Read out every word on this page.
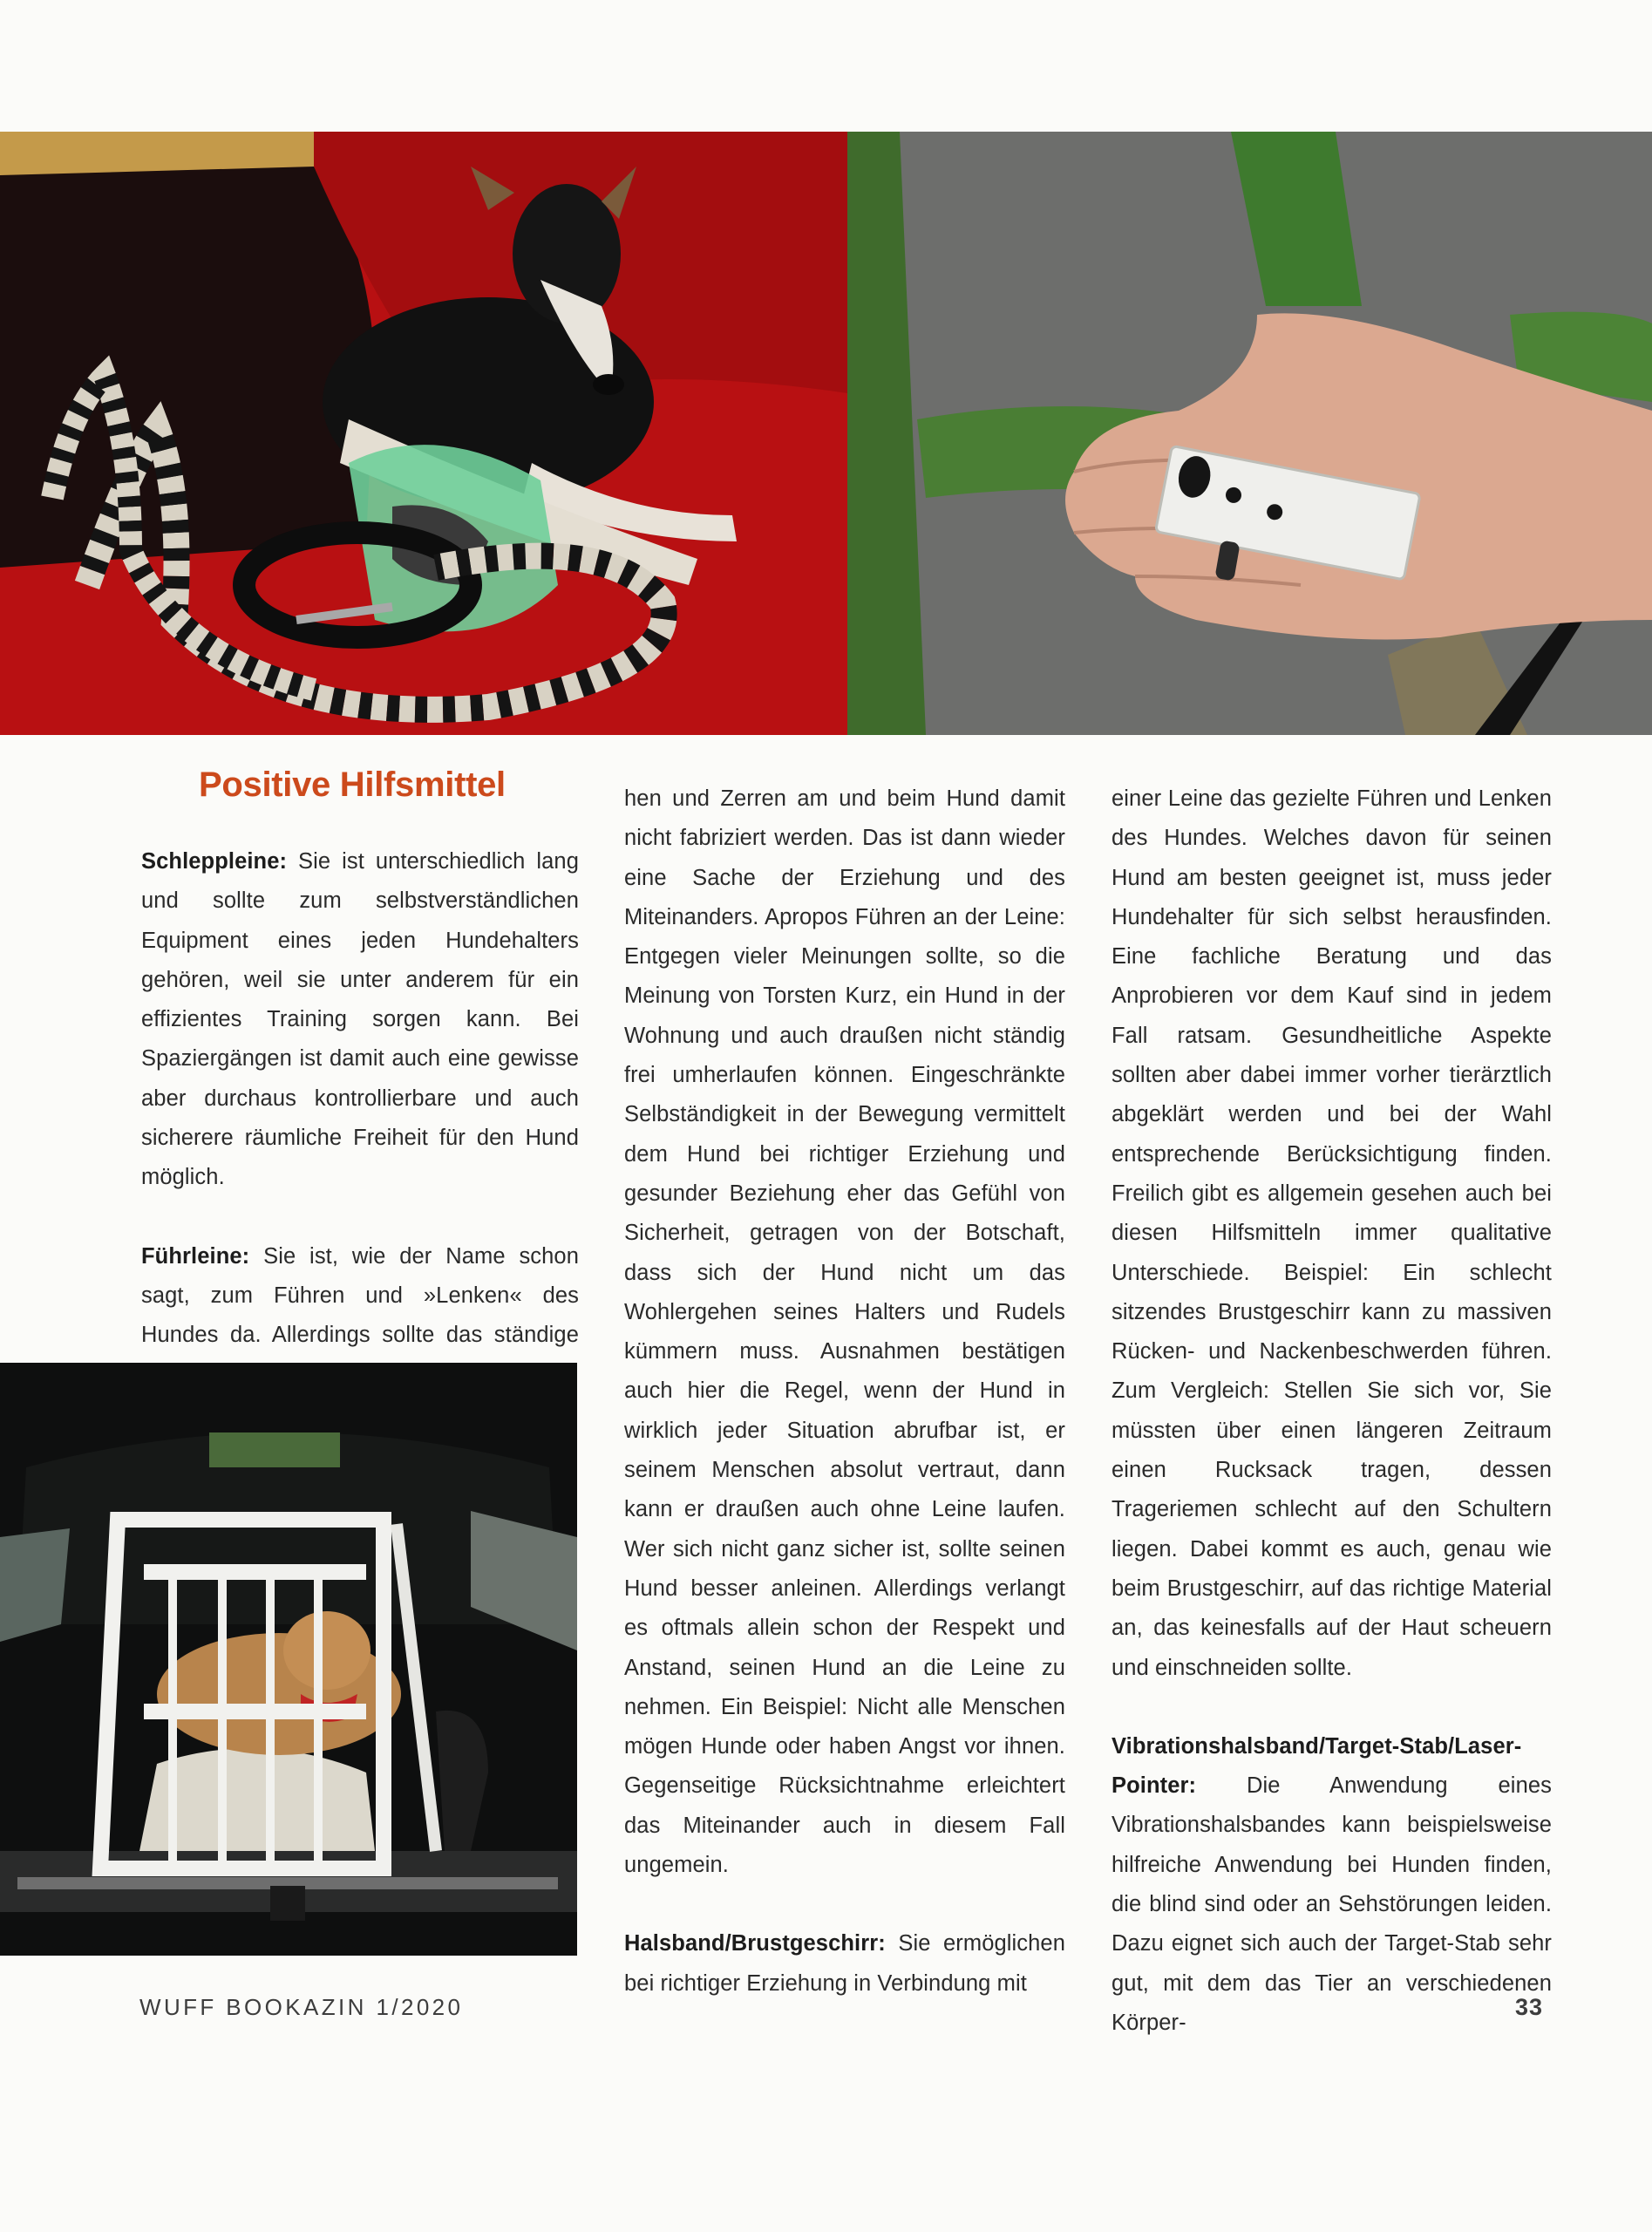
Positive Hilfsmittel

Schleppleine: Sie ist unterschiedlich lang und sollte zum selbstverständlichen Equipment eines jeden Hundehalters gehören, weil sie unter anderem für ein effizientes Training sorgen kann. Bei Spaziergängen ist damit auch eine gewisse aber durchaus kontrollierbare und auch sicherere räumliche Freiheit für den Hund möglich.

Führleine: Sie ist, wie der Name schon sagt, zum Führen und »Lenken« des Hundes da. Allerdings sollte das ständige

hen und Zerren am und beim Hund damit nicht fabriziert werden. Das ist dann wieder eine Sache der Erziehung und des Miteinanders. Apropos Führen an der Leine: Entgegen vieler Meinungen sollte, so die Meinung von Torsten Kurz, ein Hund in der Wohnung und auch draußen nicht ständig frei umherlaufen können. Eingeschränkte Selbständigkeit in der Bewegung vermittelt dem Hund bei richtiger Erziehung und gesunder Beziehung eher das Gefühl von Sicherheit, getragen von der Botschaft, dass sich der Hund nicht um das Wohlergehen seines Halters und Rudels kümmern muss. Ausnahmen bestätigen auch hier die Regel, wenn der Hund in wirklich jeder Situation abrufbar ist, er seinem Menschen absolut vertraut, dann kann er draußen auch ohne Leine laufen. Wer sich nicht ganz sicher ist, sollte seinen Hund besser anleinen. Allerdings verlangt es oftmals allein schon der Respekt und Anstand, seinen Hund an die Leine zu nehmen. Ein Beispiel: Nicht alle Menschen mögen Hunde oder haben Angst vor ihnen. Gegenseitige Rücksichtnahme erleichtert das Miteinander auch in diesem Fall ungemein.

Halsband/Brustgeschirr: Sie ermöglichen bei richtiger Erziehung in Verbindung mit

einer Leine das gezielte Führen und Lenken des Hundes. Welches davon für seinen Hund am besten geeignet ist, muss jeder Hundehalter für sich selbst herausfinden. Eine fachliche Beratung und das Anprobieren vor dem Kauf sind in jedem Fall ratsam. Gesundheitliche Aspekte sollten aber dabei immer vorher tierärztlich abgeklärt werden und bei der Wahl entsprechende Berücksichtigung finden. Freilich gibt es allgemein gesehen auch bei diesen Hilfsmitteln immer qualitative Unterschiede. Beispiel: Ein schlecht sitzendes Brustgeschirr kann zu massiven Rücken- und Nackenbeschwerden führen. Zum Vergleich: Stellen Sie sich vor, Sie müssten über einen längeren Zeitraum einen Rucksack tragen, dessen Trageriemen schlecht auf den Schultern liegen. Dabei kommt es auch, genau wie beim Brustgeschirr, auf das richtige Material an, das keinesfalls auf der Haut scheuern und einschneiden sollte.

Vibrationshalsband/Target-Stab/Laser-Pointer: Die Anwendung eines Vibrationshalsbandes kann beispielsweise hilfreiche Anwendung bei Hunden finden, die blind sind oder an Sehstörungen leiden. Dazu eignet sich auch der Target-Stab sehr gut, mit dem das Tier an verschiedenen Körper-

WUFF BOOKAZIN 1/2020	33
